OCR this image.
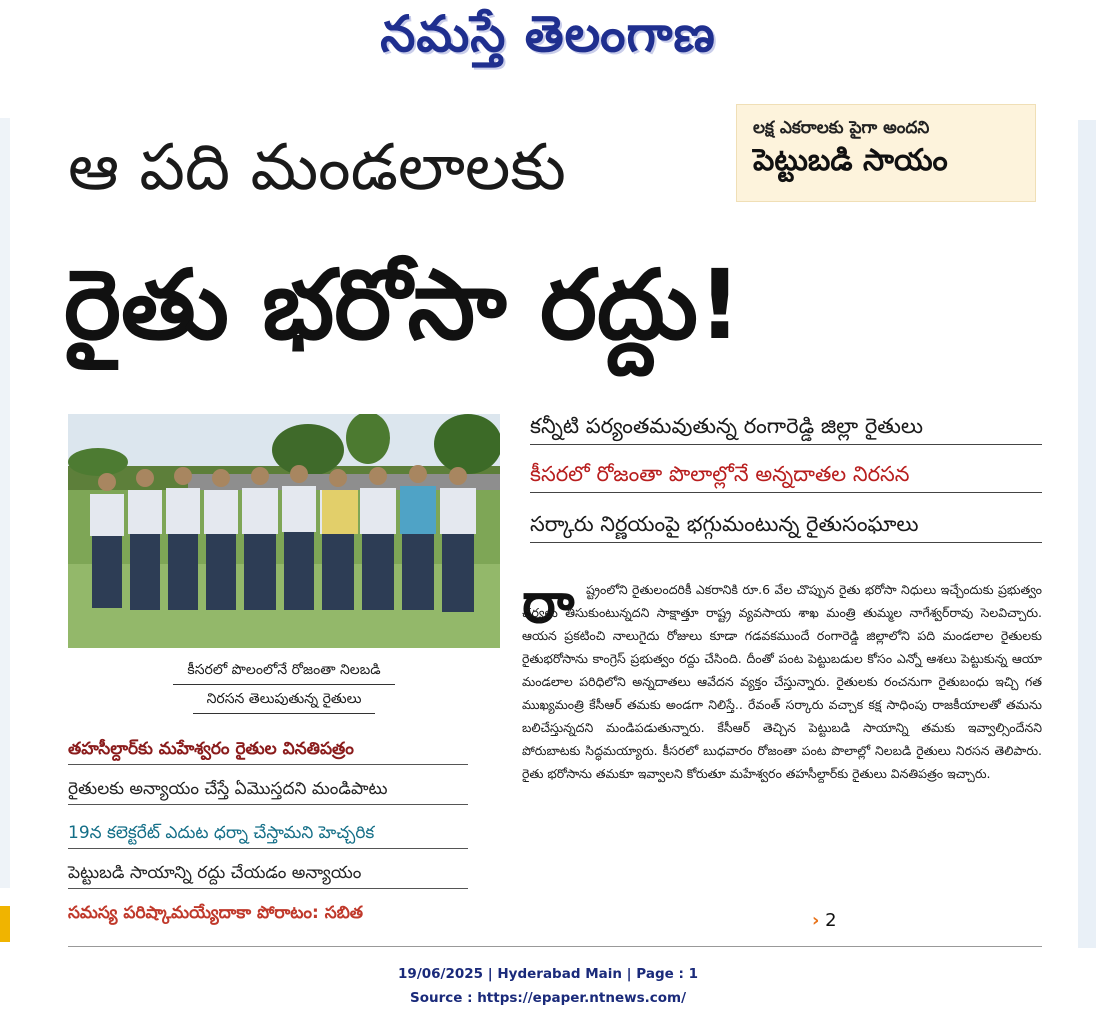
నమస్తే తెలంగాణ
ఆ పది మండలాలకు
లక్ష ఎకరాలకు పైగా అందని
పెట్టుబడి సాయం
రైతు భరోసా రద్దు!
కీసరలో పొలంలోనే రోజంతా నిలబడి
నిరసన తెలుపుతున్న రైతులు
కన్నీటి పర్యంతమవుతున్న రంగారెడ్డి జిల్లా రైతులు
కీసరలో రోజంతా పొలాల్లోనే అన్నదాతల నిరసన
సర్కారు నిర్ణయంపై భగ్గుమంటున్న రైతుసంఘాలు
తహసీల్దార్‌కు మహేశ్వరం రైతుల వినతిపత్రం
రైతులకు అన్యాయం చేస్తే ఏమొస్తదని మండిపాటు
19న కలెక్టరేట్ ఎదుట ధర్నా చేస్తామని హెచ్చరిక
పెట్టుబడి సాయాన్ని రద్దు చేయడం అన్యాయం
సమస్య పరిష్కామయ్యేదాకా పోరాటం: సబిత
రా ష్ట్రంలోని రైతులందరికీ ఎకరానికి రూ.6 వేల చొప్పున రైతు భరోసా నిధులు ఇచ్చేందుకు ప్రభుత్వం చర్యలు తీసుకుంటున్నదని సాక్షాత్తూ రాష్ట్ర వ్యవసాయ శాఖ మంత్రి తుమ్మల నాగేశ్వర్‌రావు సెలవిచ్చారు. ఆయన ప్రకటించి నాలుగైదు రోజులు కూడా గడవకముందే రంగారెడ్డి జిల్లాలోని పది మండలాల రైతులకు రైతుభరోసాను కాంగ్రెస్ ప్రభుత్వం రద్దు చేసింది. దీంతో పంట పెట్టుబడుల కోసం ఎన్నో ఆశలు పెట్టుకున్న ఆయా మండలాల పరిధిలోని అన్నదాతలు ఆవేదన వ్యక్తం చేస్తున్నారు. రైతులకు రంచనుగా రైతుబంధు ఇచ్చి గత ముఖ్యమంత్రి కేసీఆర్ తమకు అండగా నిలిస్తే.. రేవంత్ సర్కారు వచ్చాక కక్ష సాధింపు రాజకీయాలతో తమను బలిచేస్తున్నదని మండిపడుతున్నారు. కేసీఆర్ తెచ్చిన పెట్టుబడి సాయాన్ని తమకు ఇవ్వాల్సిందేనని పోరుబాటకు సిద్ధమయ్యారు. కీసరలో బుధవారం రోజంతా పంట పొలాల్లో నిలబడి రైతులు నిరసన తెలిపారు. రైతు భరోసాను తమకూ ఇవ్వాలని కోరుతూ మహేశ్వరం తహసీల్దార్‌కు రైతులు వినతిపత్రం ఇచ్చారు.
› 2
19/06/2025 | Hyderabad Main | Page : 1
Source : https://epaper.ntnews.com/
